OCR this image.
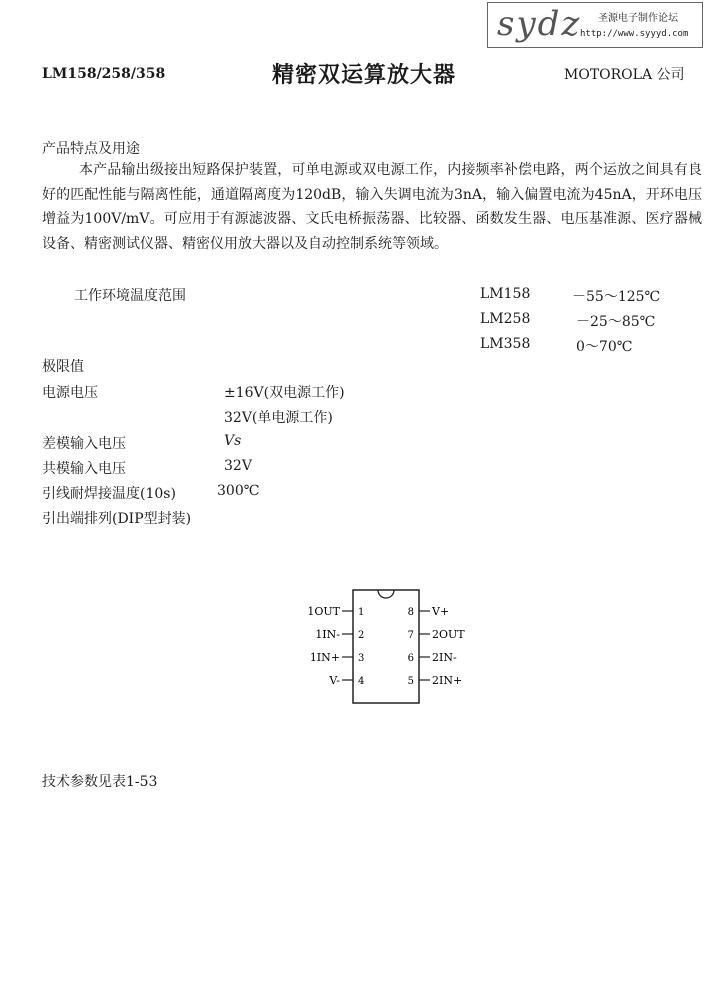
sydz 圣源电子制作论坛
http://www.syyyd.com
LM158/258/358	精密双运算放大器	MOTOROLA 公司
产品特点及用途
本产品输出级接出短路保护装置，可单电源或双电源工作，内接频率补偿电路，两个运放之间具有良好的匹配性能与隔离性能，通道隔离度为120dB，输入失调电流为3nA，输入偏置电流为45nA，开环电压增益为100V/mV。可应用于有源滤波器、文氏电桥振荡器、比较器、函数发生器、电压基准源、医疗器械设备、精密测试仪器、精密仪用放大器以及自动控制系统等领域。
工作环境温度范围	LM158	－55～125℃
LM258	－25～85℃
LM358	0～70℃
极限值
电源电压	±16V(双电源工作)
32V(单电源工作)
差模输入电压	Vs
共模输入电压	32V
引线耐焊接温度(10s)	300℃
引出端排列(DIP型封装)
1OUT
1IN-
1IN+
V-
1
2
3
4
8
7
6
5
V+
2OUT
2IN-
2IN+
技术参数见表1-53
